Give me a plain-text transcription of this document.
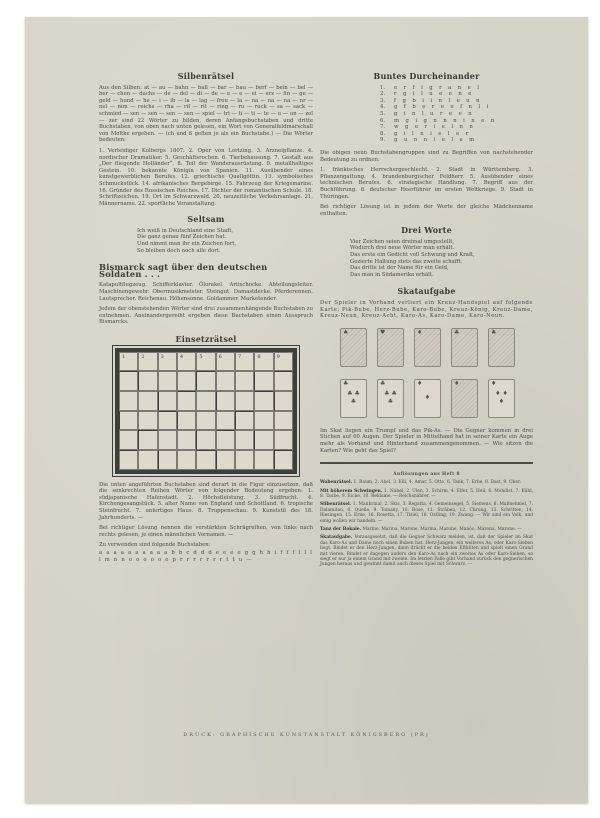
Silbenrätsel

Aus den Silben: at — au — bahn — ball — bar — bau — berf — bein — bel — ber — chen — dachs — de — del — di — de — e — e — ei — erz — fin — ge — geld — hund — he — i — ib — la — lag — freu — la — na — na — na — nr — nel — nim — reichs — rha — rif — rit — ring — ru — ruck — sa — sack — schmied — sen — sen — sen — sen — spiel — tri — ti — ti — te — u — un — zel — zer sind 22 Wörter zu bilden, deren Anfangsbuchstaben und dritte Buchstaben, von oben nach unten gelesen, ein Wort von Generalfeldmarschall von Moltke ergeben. — (ch und ß gelten je als ein Buchstabe.) — Die Wörter bedeuten:

1. Verteidiger Kolbergs 1807. 2. Oper von Lortzing. 3. Arzneipflanze. 4. nordischer Dramatiker. 5. Geschäftsrochen. 6. Tierbehausung. 7. Gestalt aus „Der fliegende Holländer“. 8. Teil der Wanderausrüstung. 9. metallhaltiges Gestein. 10. bekannte Königin von Spanien. 11. Ausübender eines kunstgewerblichen Berufes. 12. griechische Quellgöttin. 13. symbolisches Schmuckstück. 14. afrikanisches Bergebirge. 15. Fahrzeug der Kriegsmarine. 16. Gründer des Russischen Reiches. 17. Dichter der romantischen Schule. 18. Schriftzeichen. 19. Ort im Schwarzwald. 20. neuzeitliche Verkehrsanlage. 21. Männername. 22. sportliche Veranstaltung.

Seltsam
Ich weiß in Deutschland eine Stadt,
Die ganz genau fünf Zeichen hat.
Und nimmt man ihr ein Zeichen fort,
So bleiben doch noch alle dort.
Bismarck sagt über den deutschen Soldaten . . .

Katapultflugzeug. Schifferklavier. Ölorakel. Artischocke. Abteilungsleiter. Maschinengewehr. Obermusikmeister. Steingut. Damastdecke. Pferderennen. Lautsprecher. Reichenau. Höhensonne. Goldammer. Marketender.

Jedem der obenstehenden Wörter sind drei zusammenhängende Buchstaben zu entnehmen. Aneinandergereiht ergeben diese Buchstaben einen Ausspruch Bismarcks.

Einsetzrätsel
1	2	3	4	5	6	7	8	9

Die unten angeführten Buchstaben sind derart in die Figur einzusetzen, daß die senkrechten Reihen Wörter von folgender Bedeutung ergeben: 1. südjapanische Hafenstadt. 2. Höchstleistung. 3. Südfrucht. 4. Kirchengesangstück. 5. alter Name von England und Schottland. 6. tropische Steinfrucht. 7. unfertiges Haus. 8. Truppenschau. 9. Kunststil des 18. Jahrhunderts. —

Bei richtiger Lösung nennen die verstärkten Schrägreihen, von links nach rechts gelesen, je einen männlichen Vornamen. —

Zu verwenden sind folgende Buchstaben:

a a a a a a a a a a b b c d d d e e e e g g h h i f f f l l l l m n n o o o o o o p r r r r r r r t t u —

Buntes Durcheinander
1. e r f i g r a n e l
2. r g i l u e e n e
3. f g b i i n l e u n
4. g f b e r e e f n l i
5. g i n l u r e e n
6. m g i g n n n i n e n
7. w g e r i e l n n
8. g i l n i e l e r
9. g u n n i e l e m

Die obigen neun Buchstabengruppen sind zu Begriffen von nachstehender Bedeutung zu ordnen:

1. fränkisches Herrschergeschlecht. 2. Stadt in Württemberg. 3. Pflanzengattung. 4. brandenburgischer Feldherr. 5. Ausübender eines technischen Berufes. 6. strategische Handlung. 7. Begriff aus der Buchführung. 8. deutscher Heerführer im ersten Weltkriege. 9. Stadt in Thüringen.

Bei richtiger Lösung ist in jedem der Worte der gleiche Mädchenname enthalten.

Drei Worte
Vier Zeichen seien dreimal umgestellt,
Wodurch drei neue Wörter man erhält.
Das erste ein Gedicht voll Schwung und Kraft,
Gezierte Haltung stets das zweite schafft.
Das dritte ist der Name für ein Geld,
Das man in Südamerika erhält.
Skataufgabe

Der Spieler in Vorhand verliert ein Kreuz-Handspiel auf folgende Karte: Pik-Bube, Herz-Bube, Karo-Bube, Kreuz-König, Kreuz-Dame, Kreuz-Neun, Kreuz-Acht, Karo-As, Karo-Dame, Karo-Neun.

♠	♥	♦	♣	♣
♣
♣ ♣ ♣
♣
♣ ♣ ♣
♦
♦
♦	♦
♦ ♦ ♦

Im Skat liegen ein Trumpf und das Pik-As. — Die Gegner kommen in drei Stichen auf 60 Augen. Der Spieler in Mittelhand hat in seiner Karte ein Auge mehr als Vorhand und Hinterhand zusammengenommen. — Wie sitzen die Karten? Wie geht das Spiel?

Auflösungen aus Heft 8

Wabenrätsel. 1. Baum, 2. Abel, 3. Elli, 4. Amar, 5. Otto, 6. Tank, 7. Erbe, 8. Bast, 9. Ober.

Mit höherem Schwingen. 1. Nabel, 2. Ulen, 3. Schirm, 4. Elfer, 5. Heil, 6. Mehdist, 7. Kühl, 8. Taube, 9. Eiche, 10. Reklame. — Reichsnährer. —

Silbenrätsel. 1. Manbrinal, 2. Skis, 3. Regatta, 4. Gemeinsegel, 5. Siemens, 6. Maßnehmel, 7. Dalamitan, 8. Quelle, 9. Tomany, 10. Rose, 11. Sträben, 12. Chrung, 13. Schritten, 14. Riesingen, 15. Erne, 16. Rosetta, 17. Tiziel, 18. Ostling, 19. Zwang. — Wir sind ein Volk, und einig wollen wir handeln. —

Tanz der Bokale. Marine, Marina, Marone, Marina, Marone, Manöo, Marona, Marone. —

Skataufgabe. Vorausgesetzt, daß die Gegner Schwarz melden, ist, daß der Spieler im Skat das Karo-As und Dame noch einen Buben hat. Herz-Jungen, ein weiteres As, oder Karo-Sieben liegt. Bindet er den Herz-Jungen, dann drückt er die beiden Eftkiiten und spielt einen Grand mit vieren. Bindet er dagegen anders den Karo-As nach ein zweites As oder Karo-Sieben, so siegt er nur ja einem Grand mit zweien. Im letzten Falle gibt Vorhand zurück den gegnerischen Jungen heraus und gewinnt damit auch dieses Spiel mit Schwarz. —

DRUCK: GRAPHISCHE KUNSTANSTALT KÖNIGSBERG (PR)
